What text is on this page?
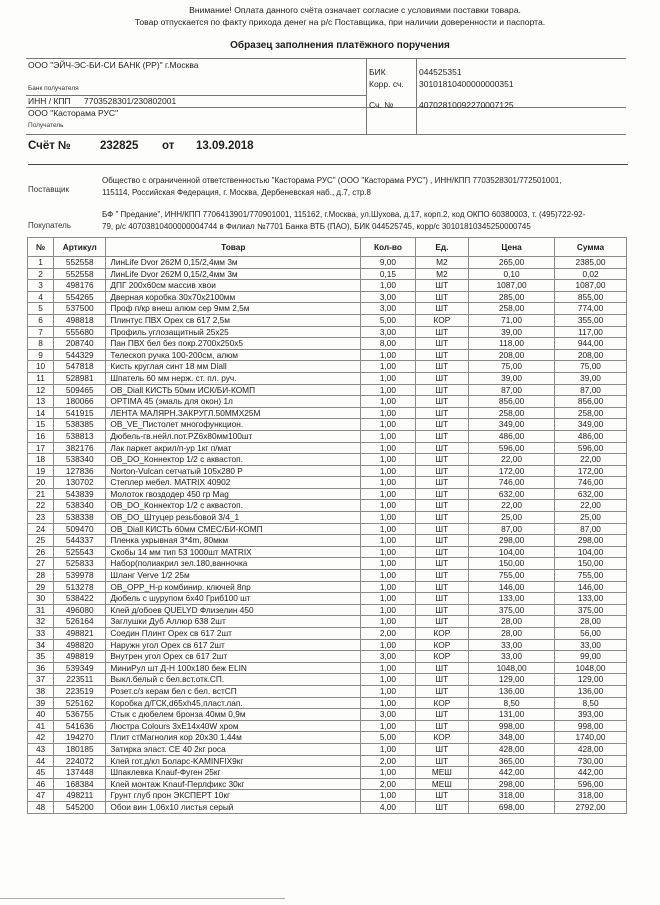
Внимание! Оплата данного счёта означает согласие с условиями поставки товара.
Товар отпускается по факту прихода денег на р/с Поставщика, при наличии доверенности и паспорта.
Образец заполнения платёжного поручения
ООО "ЭЙЧ-ЭС-БИ-СИ БАНК (РР)" г.Москва
Банк получателя
ИНН / КПП 7703528301/230802001
ООО "Касторама РУС"
Получатель
БИК	044525351
Корр. сч. 30101810400000000351
Сч. №	40702810092270007125
Счёт №	232825 от 13.09.2018
Поставщик
Общество с ограниченной ответственностью "Касторама РУС" (ООО "Касторама РУС") , ИНН/КПП 7703528301/772501001,
115114, Российская Федерация, г. Москва, Дербеневская наб., д.7, стр.8
Покупатель
БФ " Предание", ИНН/КПП 7706413901/770901001, 115162, г.Москва, ул.Шухова, д.17, корп.2, код ОКПО 60380003, т. (495)722-92-
79, р/с 40703810400000004744 в Филиал №7701 Банка ВТБ (ПАО), БИК 044525745, корр/с 30101810345250000745
№	Артикул	Товар	Кол-во	Ед.	Цена	Сумма
1	552558	ЛинLife Dvor 262M 0,15/2,4мм 3м	9,00	М2	265,00	2385,00
2	552558	ЛинLife Dvor 262M 0,15/2,4мм 3м	0,15	М2	0,10	0,02
3	498176	ДПГ 200х60см массив хвои	1,00	ШТ	1087,00	1087,00
4	554265	Дверная коробка 30х70х2100мм	3,00	ШТ	285,00	855,00
5	537500	Проф п/кр внеш алюм сер 9мм 2,5м	3,00	ШТ	258,00	774,00
6	498818	Плинтус ПВХ Орех св 617 2,5м	5,00	КОР	71,00	355,00
7	555680	Профиль углозащитный 25х25	3,00	ШТ	39,00	117,00
8	208740	Пан ПВХ бел без покр.2700х250х5	8,00	ШТ	118,00	944,00
9	544329	Телескоп ручка 100-200см, алюм	1,00	ШТ	208,00	208,00
10	547818	Кисть круглая синт 18 мм Diall	1,00	ШТ	75,00	75,00
11	528981	Шпатель 60 мм нерж. ст. пл. руч.	1,00	ШТ	39,00	39,00
12	509465	OB_Diall КИСТЬ 50мм ИСК/БИ-КОМП	1,00	ШТ	87,00	87,00
13	180066	OPTIMA 45 (эмаль для окон) 1л	1,00	ШТ	856,00	856,00
14	541915	ЛЕНТА МАЛЯРН.ЗАКРУГЛ.50ММХ25М	1,00	ШТ	258,00	258,00
15	538385	OB_VE_Пистолет многофункцион.	1,00	ШТ	349,00	349,00
16	538813	Дюбель-гв.нейл.пот.PZ6х80мм100шт	1,00	ШТ	486,00	486,00
17	382176	Лак паркет акрил/п-ур 1кг п/мат	1,00	ШТ	596,00	596,00
18	538340	OB_DO_Коннектор 1/2 с аквастоп.	1,00	ШТ	22,00	22,00
19	127836	Norton-Vulcan сетчатый 105х280 Р	1,00	ШТ	172,00	172,00
20	130702	Степлер мебел. MATRIX 40902	1,00	ШТ	746,00	746,00
21	543839	Молоток гвоздодер 450 гр Mag	1,00	ШТ	632,00	632,00
22	538340	OB_DO_Коннектор 1/2 с аквастоп.	1,00	ШТ	22,00	22,00
23	538338	OB_DO_Штуцер резьбовой 3/4_1	1,00	ШТ	25,00	25,00
24	509470	OB_Diall КИСТЬ 60мм СМЕС/БИ-КОМП	1,00	ШТ	87,00	87,00
25	544337	Пленка укрывная 3*4m, 80мкм	1,00	ШТ	298,00	298,00
26	525543	Скобы 14 мм тип 53 1000шт MATRIX	1,00	ШТ	104,00	104,00
27	525833	Набор(полиакрил зел.180,ванночка	1,00	ШТ	150,00	150,00
28	539978	Шланг Verve 1/2 25м	1,00	ШТ	755,00	755,00
29	513278	OB_OPP_H-р комбинир. ключей 8пр	1,00	ШТ	146,00	146,00
30	538422	Дюбель с шурупом 6х40 Гриб100 шт	1,00	ШТ	133,00	133,00
31	496080	Клей д/обоев QUELYD Флизелин 450	1,00	ШТ	375,00	375,00
32	526164	Заглушки Дуб Аллюр 638 2шт	1,00	ШТ	28,00	28,00
33	498821	Соедин Плинт Орех св 617 2шт	2,00	КОР	28,00	56,00
34	498820	Наружн угол Орех св 617 2шт	1,00	КОР	33,00	33,00
35	498819	Внутрен угол Орех св 617 2шт	3,00	КОР	33,00	99,00
36	539349	МиниРул шт Д-Н 100х180 беж ELIN	1,00	ШТ	1048,00	1048,00
37	223511	Выкл.белый с бел.вст.отк.СП.	1,00	ШТ	129,00	129,00
38	223519	Розет.с/з керам бел с бел. встСП	1,00	ШТ	136,00	136,00
39	525162	Коробка д/ГСК,d65xh45,пласт.лап.	1,00	КОР	8,50	8,50
40	536755	Стык с дюбелем бронза 40мм 0,9м	3,00	ШТ	131,00	393,00
41	541636	Люстра Colours 3хE14х40W хром	1,00	ШТ	998,00	998,00
42	194270	Плит стМагнолия кор 20х30 1,44м	5,00	КОР	348,00	1740,00
43	180185	Затирка эласт. CE 40 2кг роса	1,00	ШТ	428,00	428,00
44	224072	Клей гот.д/кл Боларс-KAMINFIX9кг	2,00	ШТ	365,00	730,00
45	137448	Шпаклевка Knauf-Фуген 25кг	1,00	МЕШ	442,00	442,00
46	168384	Клей монтаж Knauf-Перлфикс 30кг	2,00	МЕШ	298,00	596,00
47	498211	Грунт глуб прон ЭКСПЕРТ 10кг	1,00	ШТ	318,00	318,00
48	545200	Обои вин 1,06х10 листья серый	4,00	ШТ	698,00	2792,00
